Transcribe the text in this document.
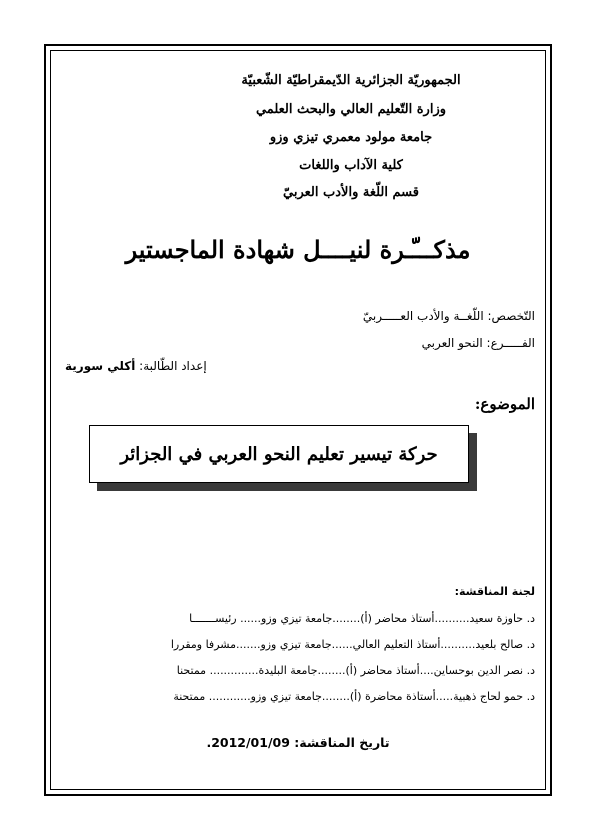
الجمهوريّة الجزائرية الدّيمقراطيّة الشّعبيّة
وزارة التّعليم العالي والبحث العلمي
جامعة مولود معمري تيزي وزو
كلية الآداب واللغات
قسم اللّغة والأدب العربيّ
مذكـــّـرة لنيــــل شهادة الماجستير
التّخصص: اللّغــة والأدب العـــــربيّ
الفـــــرع: النحو العربي
إعداد الطّالبة: أكلي سورية
الموضوع:
حركة تيسير تعليم النحو العربي في الجزائر
لجنة المناقشة:
د. حاوزة سعيد..........أستاذ محاضر (أ)........جامعة تيزي وزو...... رئيســـــــا
د. صالح بلعيد..........أستاذ التعليم العالي......جامعة تيزي وزو.......مشرفا ومقررا
د. نصر الدين بوحساين....أستاذ محاضر (أ)........جامعة البليدة.............. ممتحنا
د. حمو لحاج ذهبية.....أستاذة محاضرة (أ)........جامعة تيزي وزو............ ممتحنة
تاريخ المناقشة: 2012/01/09.
